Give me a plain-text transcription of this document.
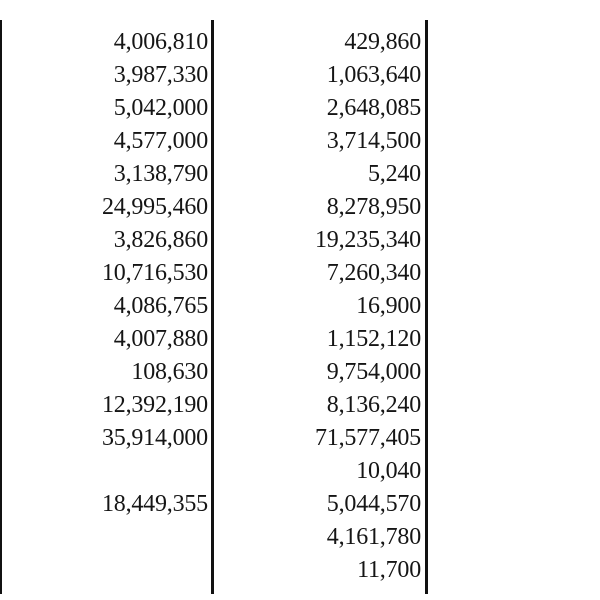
4,006,810
3,987,330
5,042,000
4,577,000
3,138,790
24,995,460
3,826,860
10,716,530
4,086,765
4,007,880
108,630
12,392,190
35,914,000
18,449,355
429,860
1,063,640
2,648,085
3,714,500
5,240
8,278,950
19,235,340
7,260,340
16,900
1,152,120
9,754,000
8,136,240
71,577,405
10,040
5,044,570
4,161,780
11,700
